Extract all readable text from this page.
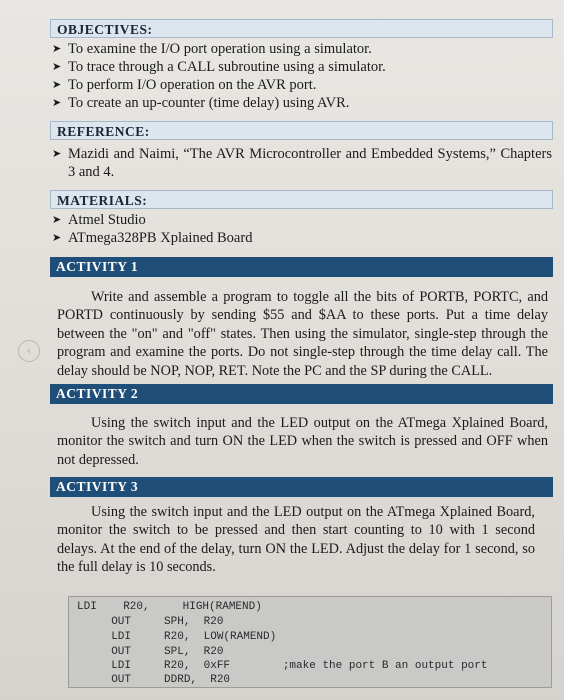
OBJECTIVES:
➤ To examine the I/O port operation using a simulator.
➤ To trace through a CALL subroutine using a simulator.
➤ To perform I/O operation on the AVR port.
➤ To create an up-counter (time delay) using AVR.
REFERENCE:
➤ Mazidi and Naimi, “The AVR Microcontroller and Embedded Systems,” Chapters 3 and 4.
MATERIALS:
➤ Atmel Studio
➤ ATmega328PB Xplained Board
ACTIVITY 1
Write and assemble a program to toggle all the bits of PORTB, PORTC, and PORTD continuously by sending $55 and $AA to these ports. Put a time delay between the "on" and "off" states. Then using the simulator, single-step through the program and examine the ports. Do not single-step through the time delay call. The delay should be NOP, NOP, RET. Note the PC and the SP during the CALL.
ACTIVITY 2
Using the switch input and the LED output on the ATmega Xplained Board, monitor the switch and turn ON the LED when the switch is pressed and OFF when not depressed.
ACTIVITY 3
Using the switch input and the LED output on the ATmega Xplained Board, monitor the switch to be pressed and then start counting to 10 with 1 second delays. At the end of the delay, turn ON the LED. Adjust the delay for 1 second, so the full delay is 10 seconds.
LDI    R20,     HIGH(RAMEND)
OUT     SPH,  R20
LDI     R20,  LOW(RAMEND)
OUT     SPL,  R20
LDI     R20,  0xFF        ;make the port B an output port
OUT     DDRD,  R20
‹
